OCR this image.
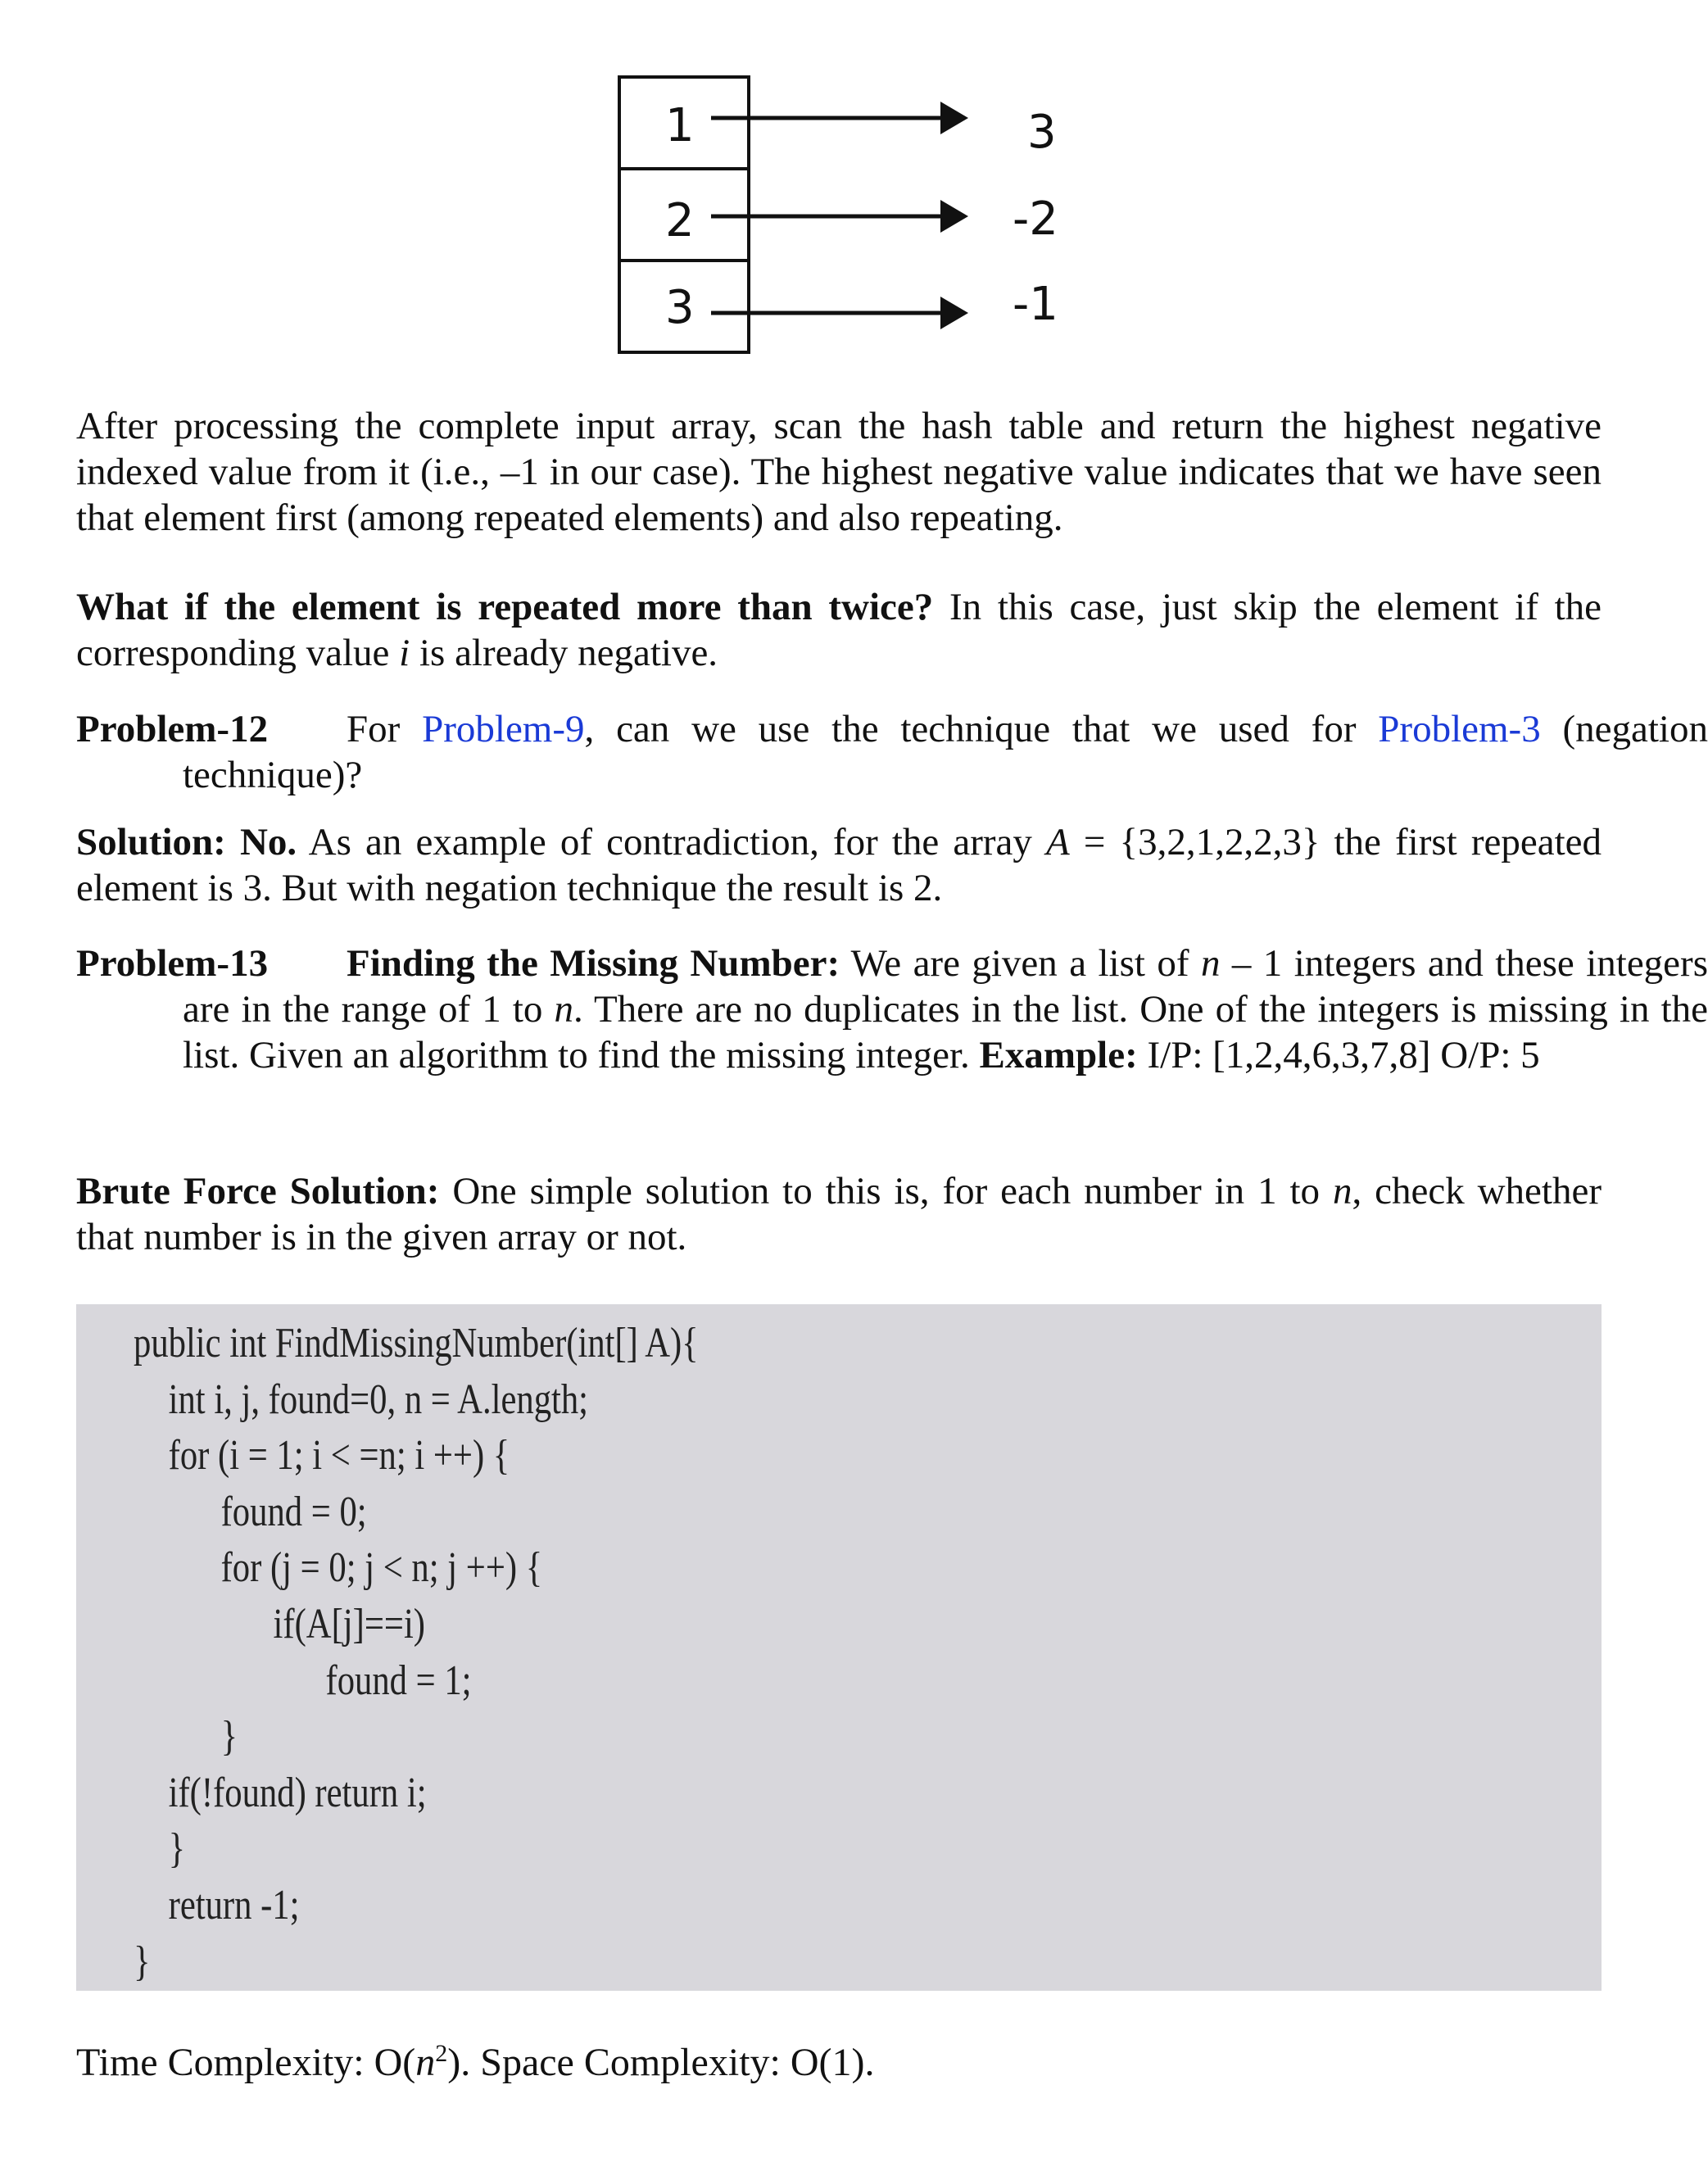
1
2
3
3
-2
-1
After processing the complete input array, scan the hash table and return the highest negative indexed value from it (i.e., –1 in our case). The highest negative value indicates that we have seen that element first (among repeated elements) and also repeating.
What if the element is repeated more than twice? In this case, just skip the element if the corresponding value i is already negative.
Problem-12 For Problem-9, can we use the technique that we used for Problem-3 (negation technique)?
Solution: No. As an example of contradiction, for the array A = {3,2,1,2,2,3} the first repeated element is 3. But with negation technique the result is 2.
Problem-13 Finding the Missing Number: We are given a list of n – 1 integers and these integers are in the range of 1 to n. There are no duplicates in the list. One of the integers is missing in the list. Given an algorithm to find the missing integer. Example: I/P: [1,2,4,6,3,7,8] O/P: 5
Brute Force Solution: One simple solution to this is, for each number in 1 to n, check whether that number is in the given array or not.
public int FindMissingNumber(int[] A){
int i, j, found=0, n = A.length;
for (i = 1; i < =n; i ++) {
found = 0;
for (j = 0; j < n; j ++) {
if(A[j]==i)
found = 1;
}
if(!found) return i;
}
return -1;
}
Time Complexity: $O(n^2)$. Space Complexity: O(1).
